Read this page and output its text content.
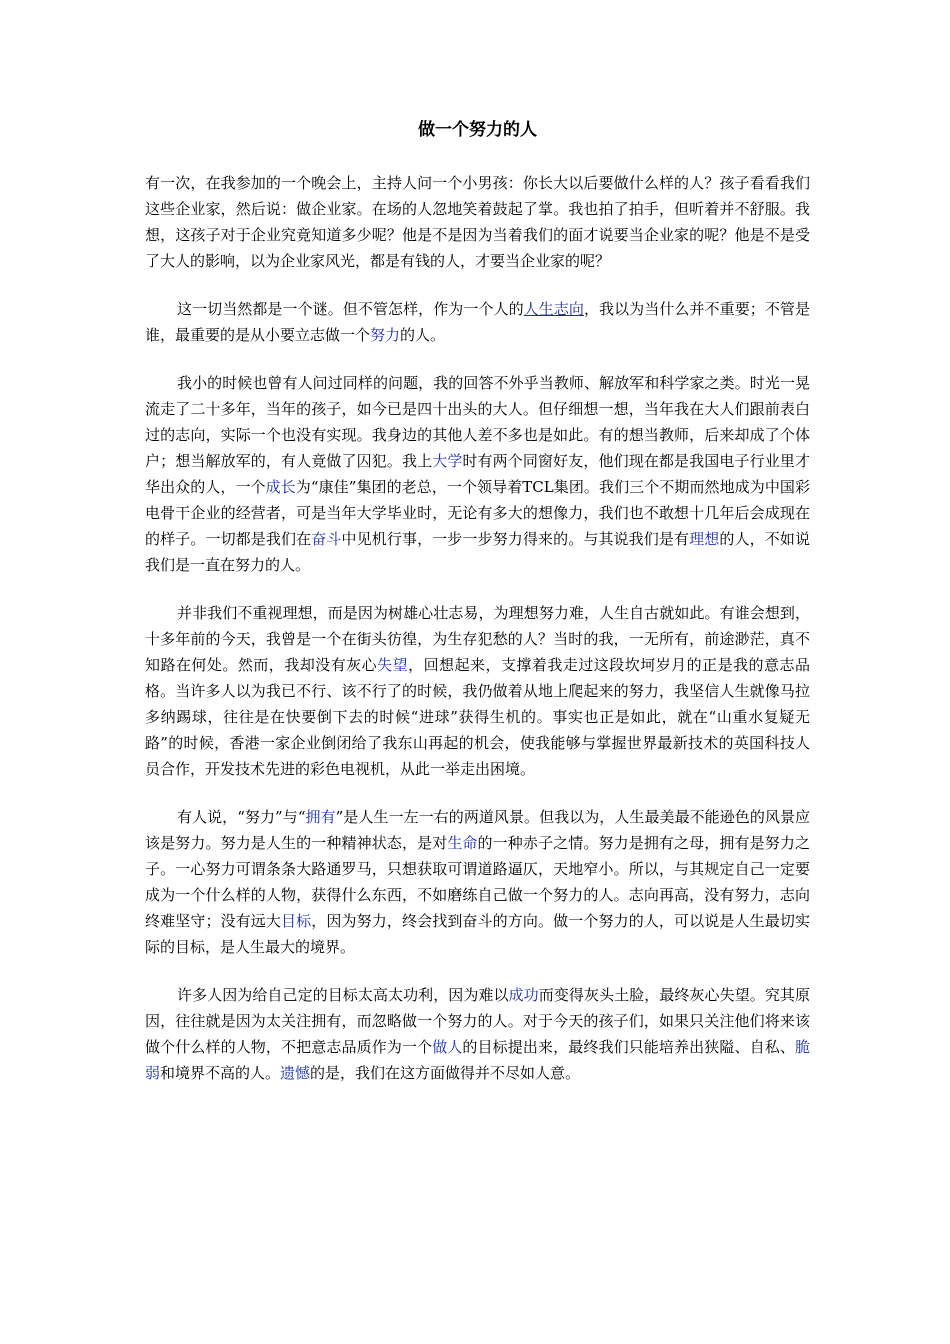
做一个努力的人

有一次，在我参加的一个晚会上，主持人问一个小男孩：你长大以后要做什么样的人？孩子看看我们这些企业家，然后说：做企业家。在场的人忽地笑着鼓起了掌。我也拍了拍手，但听着并不舒服。我想，这孩子对于企业究竟知道多少呢？他是不是因为当着我们的面才说要当企业家的呢？他是不是受了大人的影响，以为企业家风光，都是有钱的人，才要当企业家的呢？

这一切当然都是一个谜。但不管怎样，作为一个人的人生志向，我以为当什么并不重要；不管是谁，最重要的是从小要立志做一个努力的人。

我小的时候也曾有人问过同样的问题，我的回答不外乎当教师、解放军和科学家之类。时光一晃流走了二十多年，当年的孩子，如今已是四十出头的大人。但仔细想一想，当年我在大人们跟前表白过的志向，实际一个也没有实现。我身边的其他人差不多也是如此。有的想当教师，后来却成了个体户；想当解放军的，有人竟做了囚犯。我上大学时有两个同窗好友，他们现在都是我国电子行业里才华出众的人，一个成长为“康佳”集团的老总，一个领导着TCL集团。我们三个不期而然地成为中国彩电骨干企业的经营者，可是当年大学毕业时，无论有多大的想像力，我们也不敢想十几年后会成现在的样子。一切都是我们在奋斗中见机行事，一步一步努力得来的。与其说我们是有理想的人，不如说我们是一直在努力的人。

并非我们不重视理想，而是因为树雄心壮志易，为理想努力难，人生自古就如此。有谁会想到，十多年前的今天，我曾是一个在街头彷徨，为生存犯愁的人？当时的我，一无所有，前途渺茫，真不知路在何处。然而，我却没有灰心失望，回想起来，支撑着我走过这段坎坷岁月的正是我的意志品格。当许多人以为我已不行、该不行了的时候，我仍做着从地上爬起来的努力，我坚信人生就像马拉多纳踢球，往往是在快要倒下去的时候“进球”获得生机的。事实也正是如此，就在“山重水复疑无路”的时候，香港一家企业倒闭给了我东山再起的机会，使我能够与掌握世界最新技术的英国科技人员合作，开发技术先进的彩色电视机，从此一举走出困境。

有人说，“努力”与“拥有”是人生一左一右的两道风景。但我以为，人生最美最不能逊色的风景应该是努力。努力是人生的一种精神状态，是对生命的一种赤子之情。努力是拥有之母，拥有是努力之子。一心努力可谓条条大路通罗马，只想获取可谓道路逼仄，天地窄小。所以，与其规定自己一定要成为一个什么样的人物，获得什么东西，不如磨练自己做一个努力的人。志向再高，没有努力，志向终难坚守；没有远大目标，因为努力，终会找到奋斗的方向。做一个努力的人，可以说是人生最切实际的目标，是人生最大的境界。

许多人因为给自己定的目标太高太功利，因为难以成功而变得灰头土脸，最终灰心失望。究其原因，往往就是因为太关注拥有，而忽略做一个努力的人。对于今天的孩子们，如果只关注他们将来该做个什么样的人物，不把意志品质作为一个做人的目标提出来，最终我们只能培养出狭隘、自私、脆弱和境界不高的人。遗憾的是，我们在这方面做得并不尽如人意。
